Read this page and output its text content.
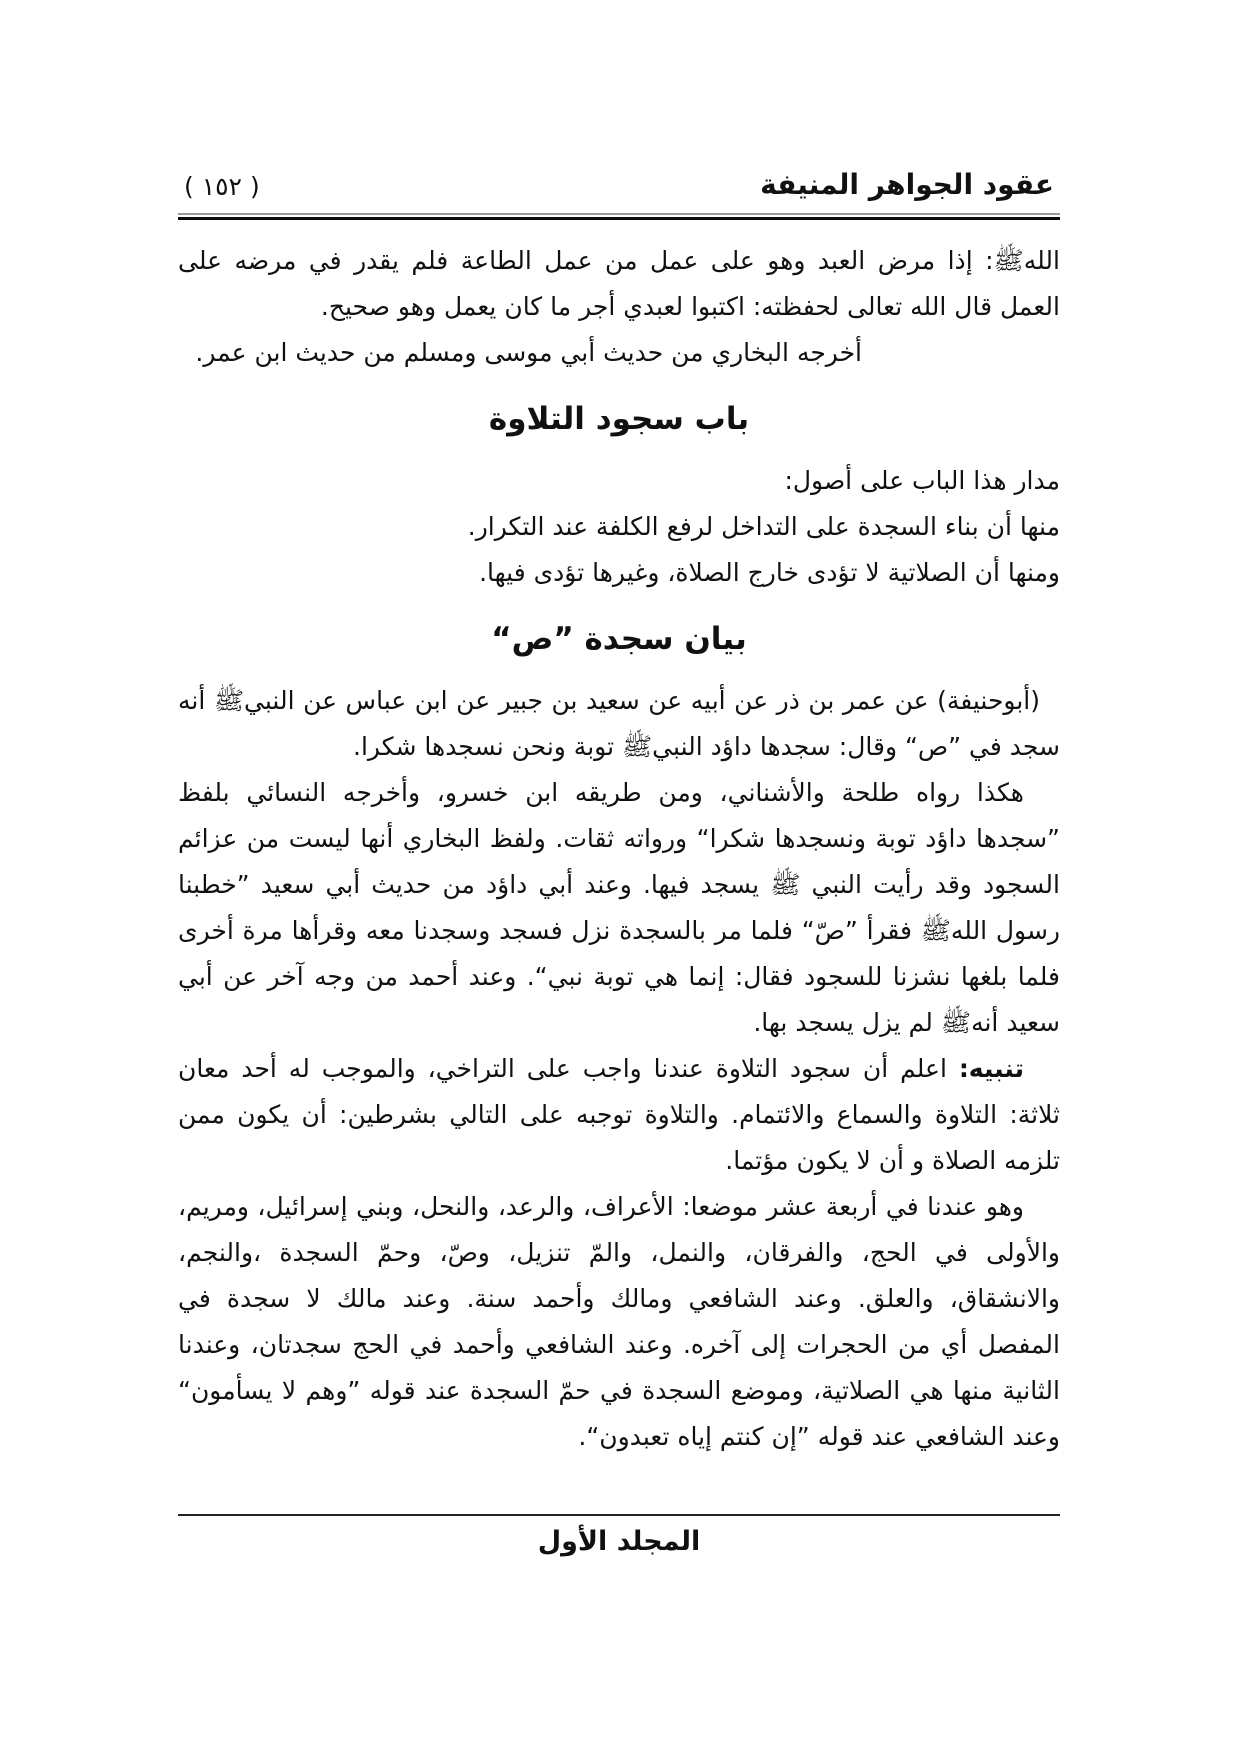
عقود الجواهر المنيفة
( ١٥٢ )

اللهﷺ: إذا مرض العبد وهو على عمل من عمل الطاعة فلم يقدر في مرضه على العمل قال الله تعالى لحفظته: اكتبوا لعبدي أجر ما كان يعمل وهو صحيح.

أخرجه البخاري من حديث أبي موسى ومسلم من حديث ابن عمر.

باب سجود التلاوة

مدار هذا الباب على أصول:

منها أن بناء السجدة على التداخل لرفع الكلفة عند التكرار.

ومنها أن الصلاتية لا تؤدى خارج الصلاة، وغيرها تؤدى فيها.

بيان سجدة ”ص“

(أبوحنيفة) عن عمر بن ذر عن أبيه عن سعيد بن جبير عن ابن عباس عن النبيﷺ أنه سجد في ”ص“ وقال: سجدها داؤد النبيﷺ توبة ونحن نسجدها شكرا.

هكذا رواه طلحة والأشناني، ومن طريقه ابن خسرو، وأخرجه النسائي بلفظ ”سجدها داؤد توبة ونسجدها شكرا“ ورواته ثقات. ولفظ البخاري أنها ليست من عزائم السجود وقد رأيت النبي ﷺ يسجد فيها. وعند أبي داؤد من حديث أبي سعيد ”خطبنا رسول اللهﷺ فقرأ ”صّ“ فلما مر بالسجدة نزل فسجد وسجدنا معه وقرأها مرة أخرى فلما بلغها نشزنا للسجود فقال: إنما هي توبة نبي“. وعند أحمد من وجه آخر عن أبي سعيد أنهﷺ لم يزل يسجد بها.

تنبيه: اعلم أن سجود التلاوة عندنا واجب على التراخي، والموجب له أحد معان ثلاثة: التلاوة والسماع والائتمام. والتلاوة توجبه على التالي بشرطين: أن يكون ممن تلزمه الصلاة و أن لا يكون مؤتما.

وهو عندنا في أربعة عشر موضعا: الأعراف، والرعد، والنحل، وبني إسرائيل، ومريم، والأولى في الحج، والفرقان، والنمل، والمّ تنزيل، وصّ، وحمّ السجدة ،والنجم، والانشقاق، والعلق. وعند الشافعي ومالك وأحمد سنة. وعند مالك لا سجدة في المفصل أي من الحجرات إلى آخره. وعند الشافعي وأحمد في الحج سجدتان، وعندنا الثانية منها هي الصلاتية، وموضع السجدة في حمّ السجدة عند قوله ”وهم لا يسأمون“ وعند الشافعي عند قوله ”إن كنتم إياه تعبدون“.

المجلد الأول
